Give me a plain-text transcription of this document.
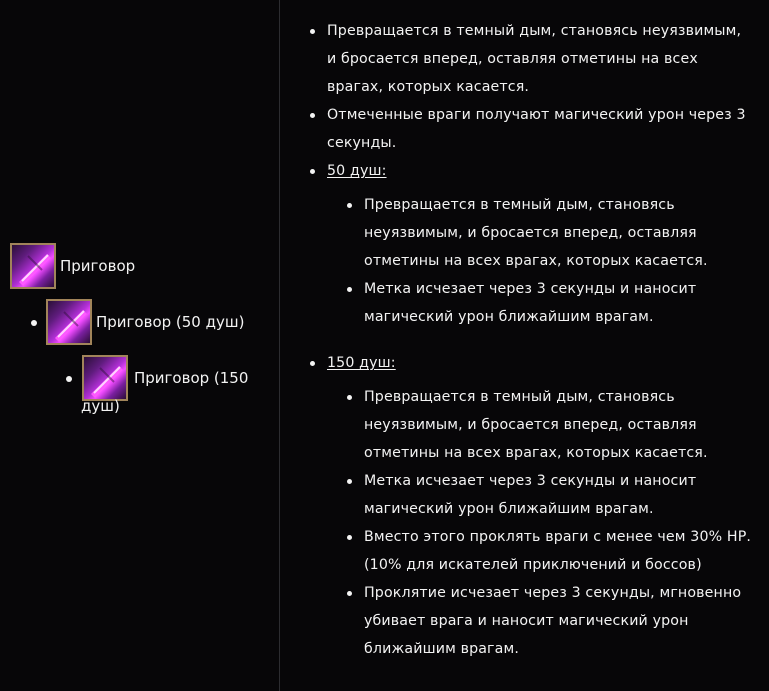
Приговор
Приговор (50 душ)
Приговор (150
душ)
Превращается в темный дым, становясь неуязвимым,
и бросается вперед, оставляя отметины на всех
врагах, которых касается.
Отмеченные враги получают магический урон через 3
секунды.
50 душ:
Превращается в темный дым, становясь
неуязвимым, и бросается вперед, оставляя
отметины на всех врагах, которых касается.
Метка исчезает через 3 секунды и наносит
магический урон ближайшим врагам.
150 душ:
Превращается в темный дым, становясь
неуязвимым, и бросается вперед, оставляя
отметины на всех врагах, которых касается.
Метка исчезает через 3 секунды и наносит
магический урон ближайшим врагам.
Вместо этого проклять враги с менее чем 30% НР.
(10% для искателей приключений и боссов)
Проклятие исчезает через 3 секунды, мгновенно
убивает врага и наносит магический урон
ближайшим врагам.
